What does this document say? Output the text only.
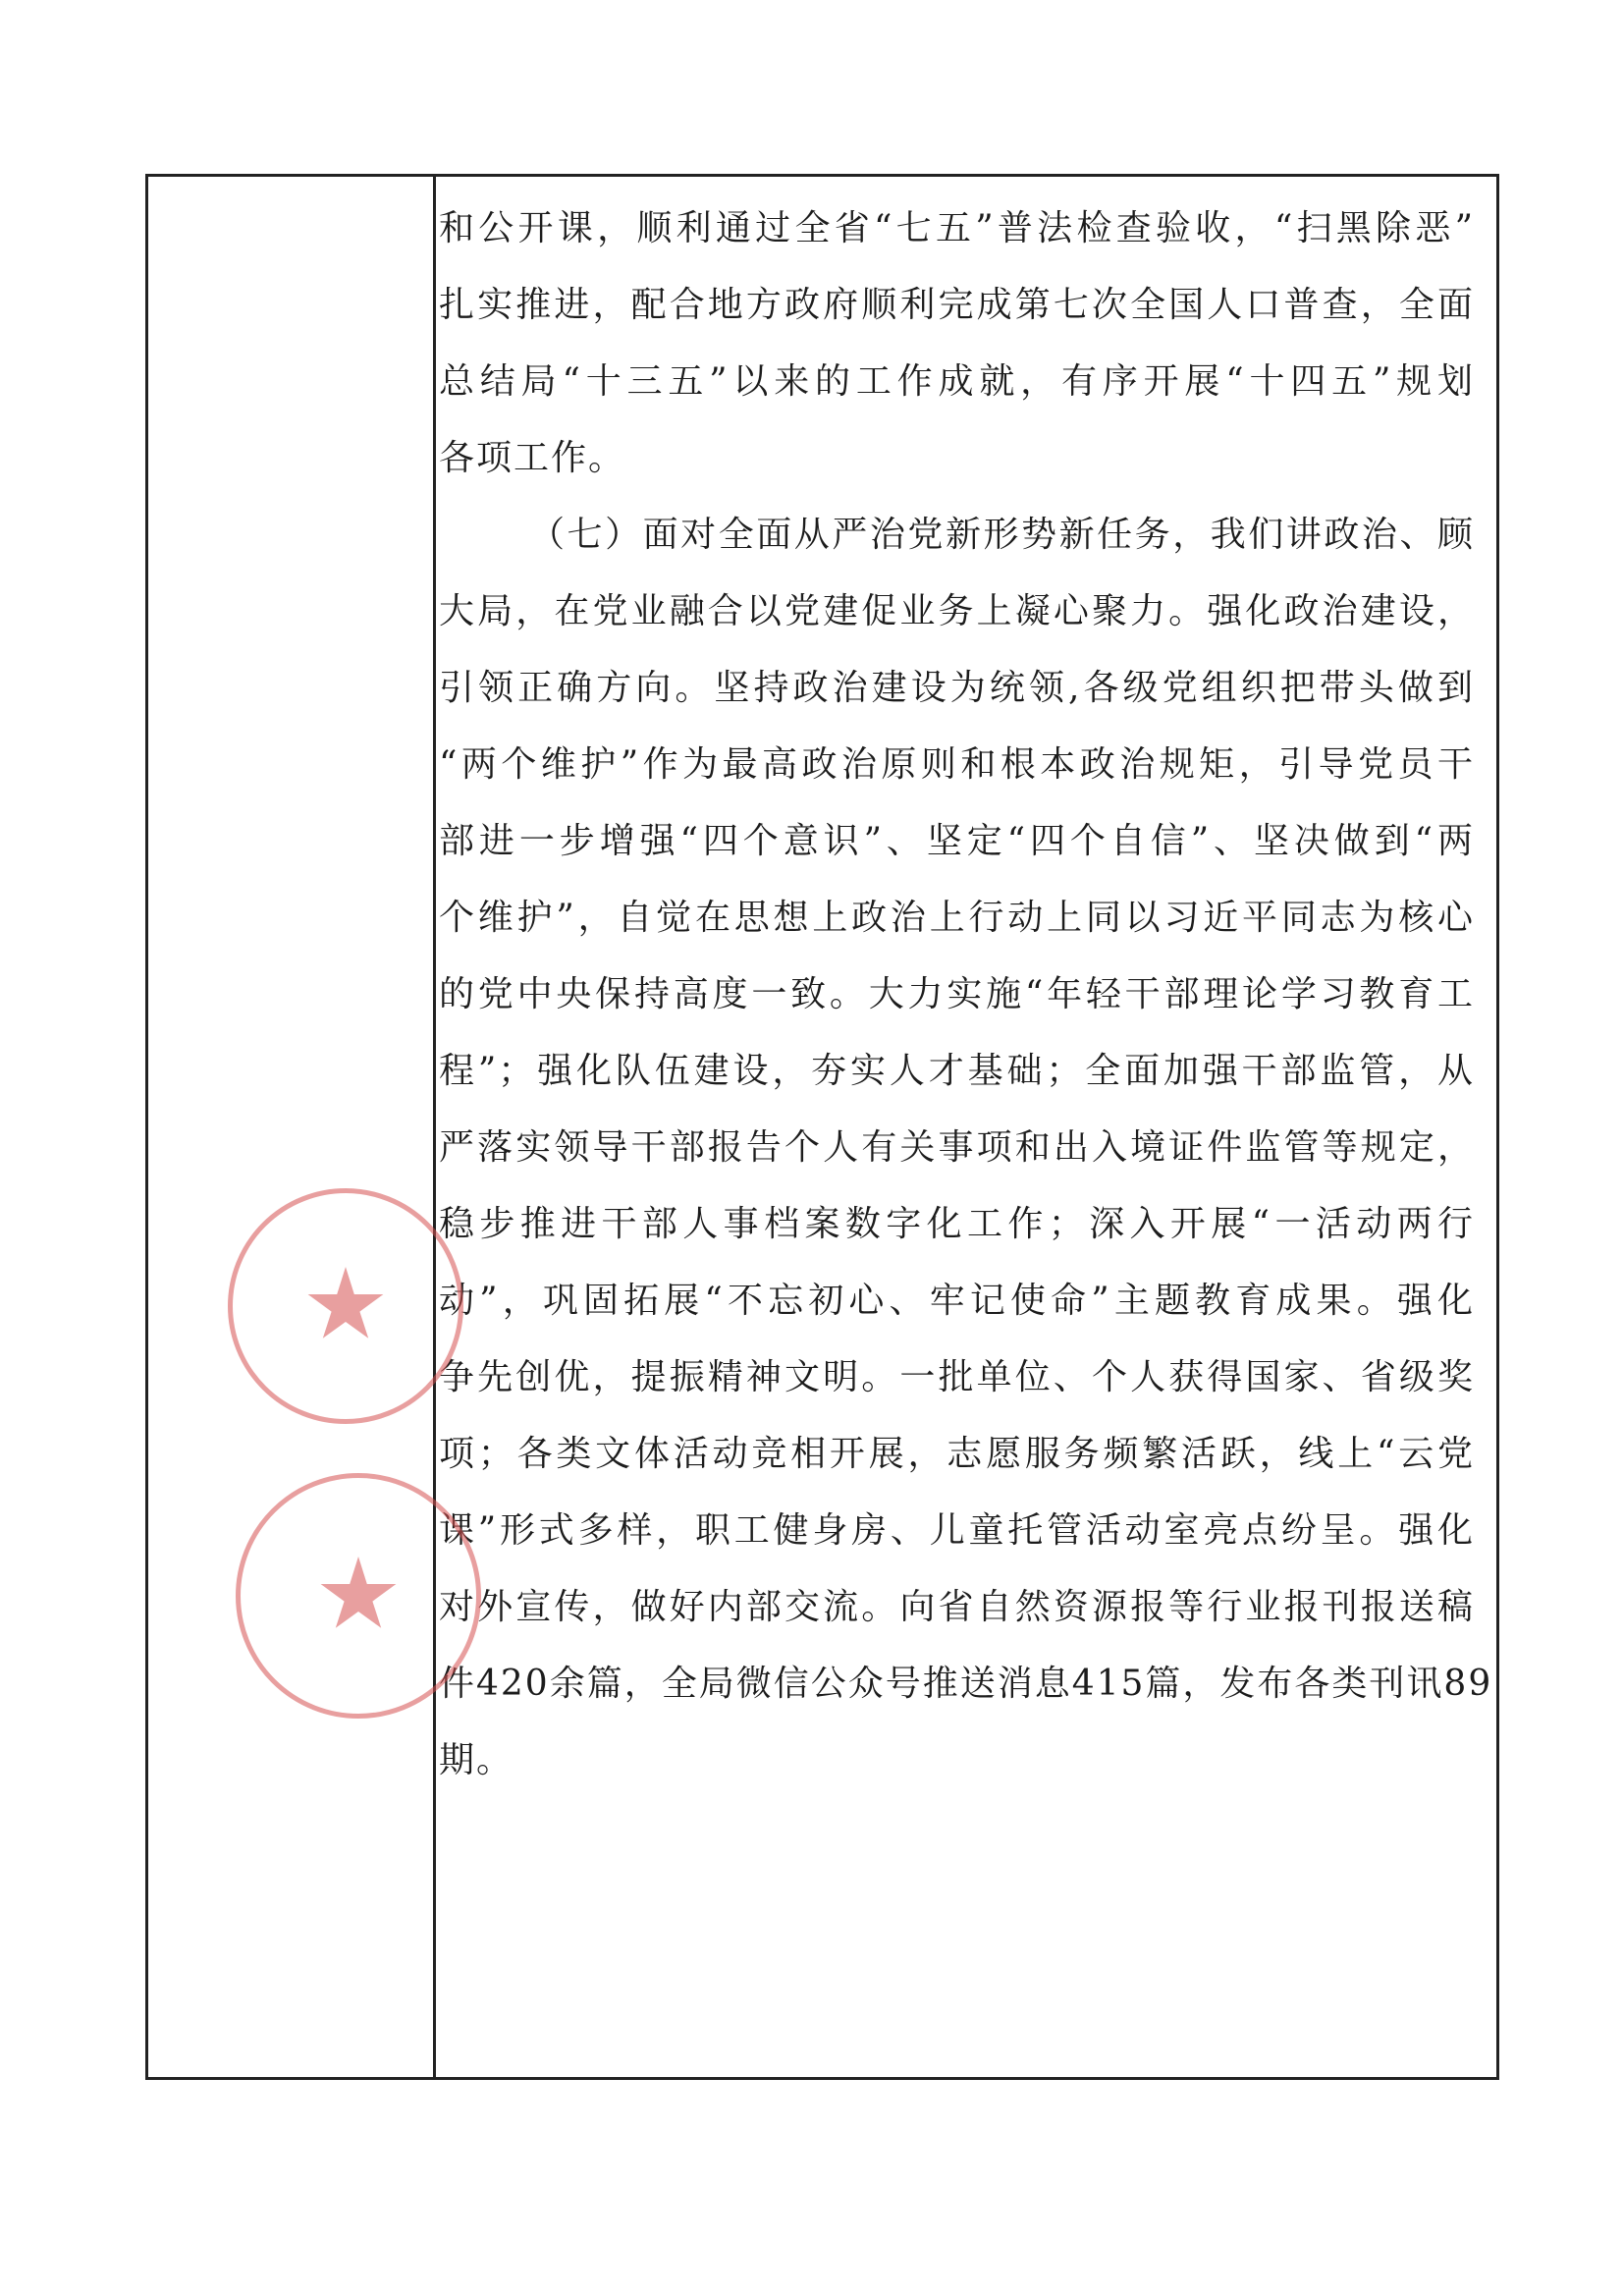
和公开课，顺利通过全省“七五”普法检查验收，“扫黑除恶”
扎实推进，配合地方政府顺利完成第七次全国人口普查，全面
总结局“十三五”以来的工作成就，有序开展“十四五”规划
各项工作。
（七）面对全面从严治党新形势新任务，我们讲政治、顾
大局，在党业融合以党建促业务上凝心聚力。强化政治建设，
引领正确方向。坚持政治建设为统领,各级党组织把带头做到
“两个维护”作为最高政治原则和根本政治规矩，引导党员干
部进一步增强“四个意识”、坚定“四个自信”、坚决做到“两
个维护”，自觉在思想上政治上行动上同以习近平同志为核心
的党中央保持高度一致。大力实施“年轻干部理论学习教育工
程”；强化队伍建设，夯实人才基础；全面加强干部监管，从
严落实领导干部报告个人有关事项和出入境证件监管等规定，
稳步推进干部人事档案数字化工作；深入开展“一活动两行
动”，巩固拓展“不忘初心、牢记使命”主题教育成果。强化
争先创优，提振精神文明。一批单位、个人获得国家、省级奖
项；各类文体活动竞相开展，志愿服务频繁活跃，线上“云党
课”形式多样，职工健身房、儿童托管活动室亮点纷呈。强化
对外宣传，做好内部交流。向省自然资源报等行业报刊报送稿
件420余篇，全局微信公众号推送消息415篇，发布各类刊讯89
期。
